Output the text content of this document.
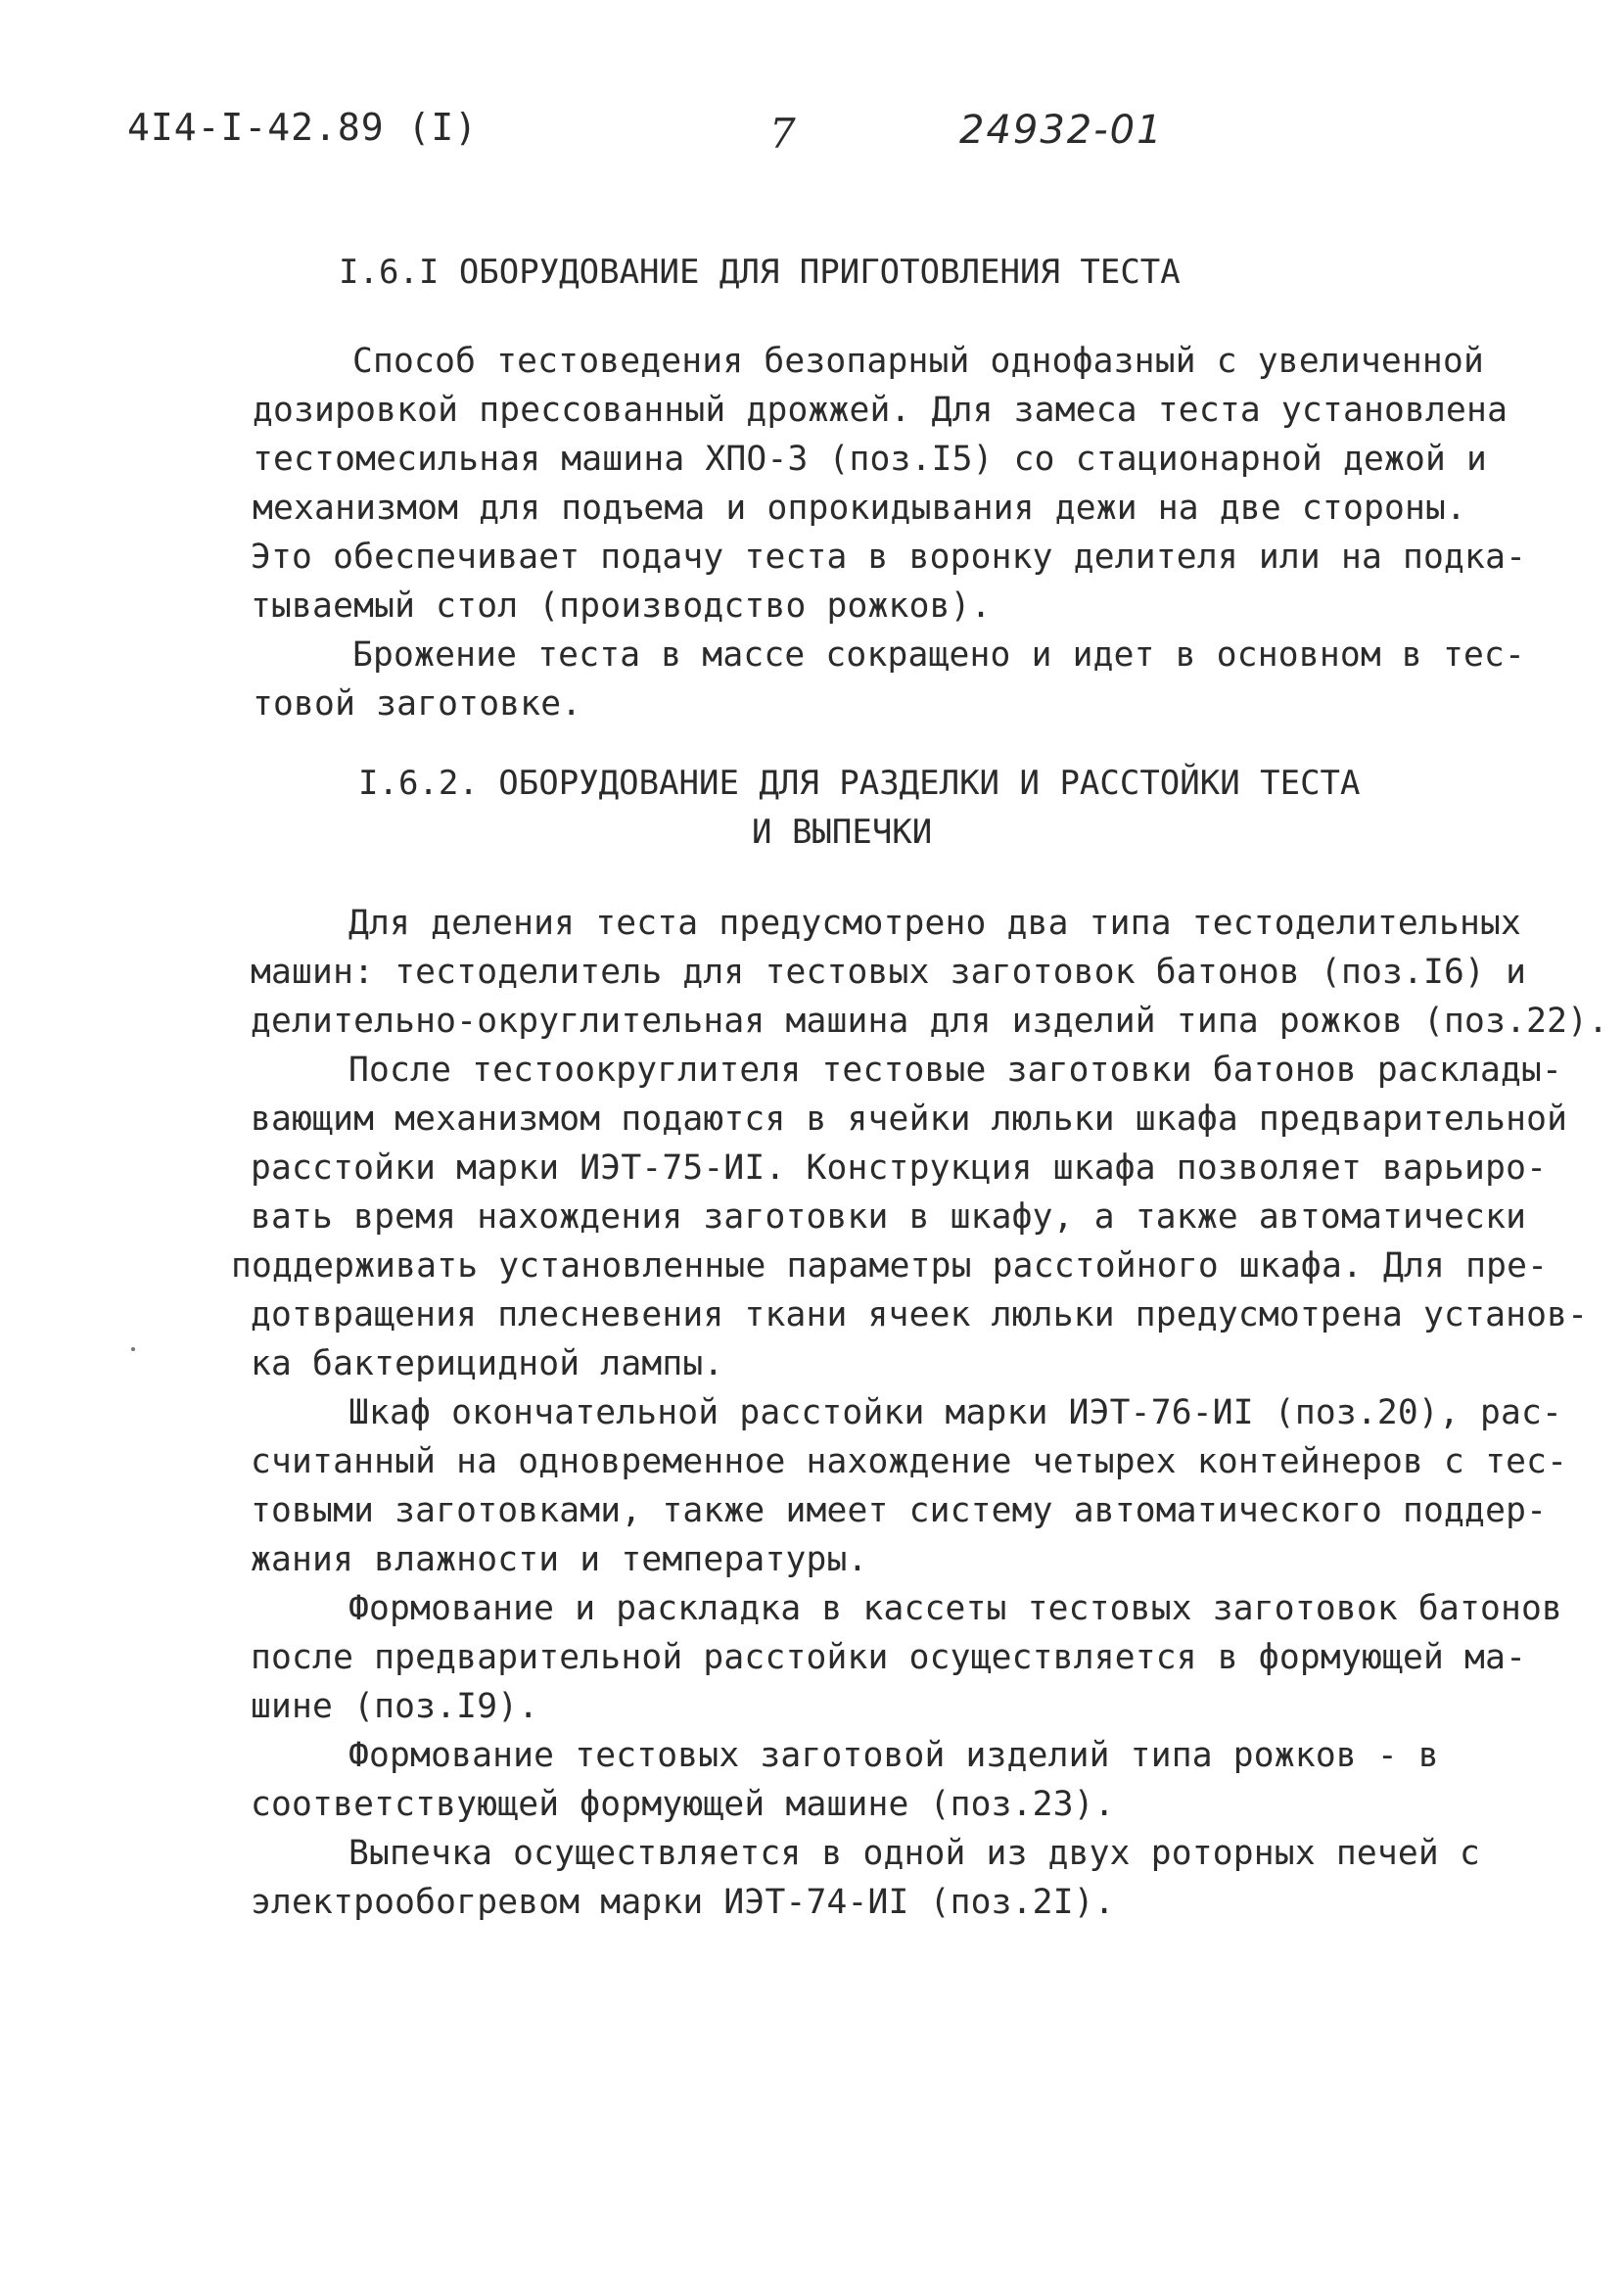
4I4-I-42.89 (I)	7	24932-01
I.6.I ОБОРУДОВАНИЕ ДЛЯ ПРИГОТОВЛЕНИЯ ТЕСТА
Способ тестоведения безопарный однофазный с увеличенной
дозировкой прессованный дрожжей. Для замеса теста установлена
тестомесильная машина ХПО-3 (поз.I5) со стационарной дежой и
механизмом для подъема и опрокидывания дежи на две стороны.
Это обеспечивает подачу теста в воронку делителя или на подка-
тываемый стол (производство рожков).
Брожение теста в массе сокращено и идет в основном в тес-
товой заготовке.
I.6.2. ОБОРУДОВАНИЕ ДЛЯ РАЗДЕЛКИ И РАССТОЙКИ ТЕСТА
И ВЫПЕЧКИ
Для деления теста предусмотрено два типа тестоделительных
машин: тестоделитель для тестовых заготовок батонов (поз.I6) и
делительно-округлительная машина для изделий типа рожков (поз.22).
После тестоокруглителя тестовые заготовки батонов расклады-
вающим механизмом подаются в ячейки люльки шкафа предварительной
расстойки марки ИЭТ-75-ИI. Конструкция шкафа позволяет варьиро-
вать время нахождения заготовки в шкафу, а также автоматически
поддерживать установленные параметры расстойного шкафа. Для пре-
дотвращения плесневения ткани ячеек люльки предусмотрена установ-
ка бактерицидной лампы.
Шкаф окончательной расстойки марки ИЭТ-76-ИI (поз.20), рас-
считанный на одновременное нахождение четырех контейнеров с тес-
товыми заготовками, также имеет систему автоматического поддер-
жания влажности и температуры.
Формование и раскладка в кассеты тестовых заготовок батонов
после предварительной расстойки осуществляется в формующей ма-
шине (поз.I9).
Формование тестовых заготовой изделий типа рожков - в
соответствующей формующей машине (поз.23).
Выпечка осуществляется в одной из двух роторных печей с
электрообогревом марки ИЭТ-74-ИI (поз.2I).
